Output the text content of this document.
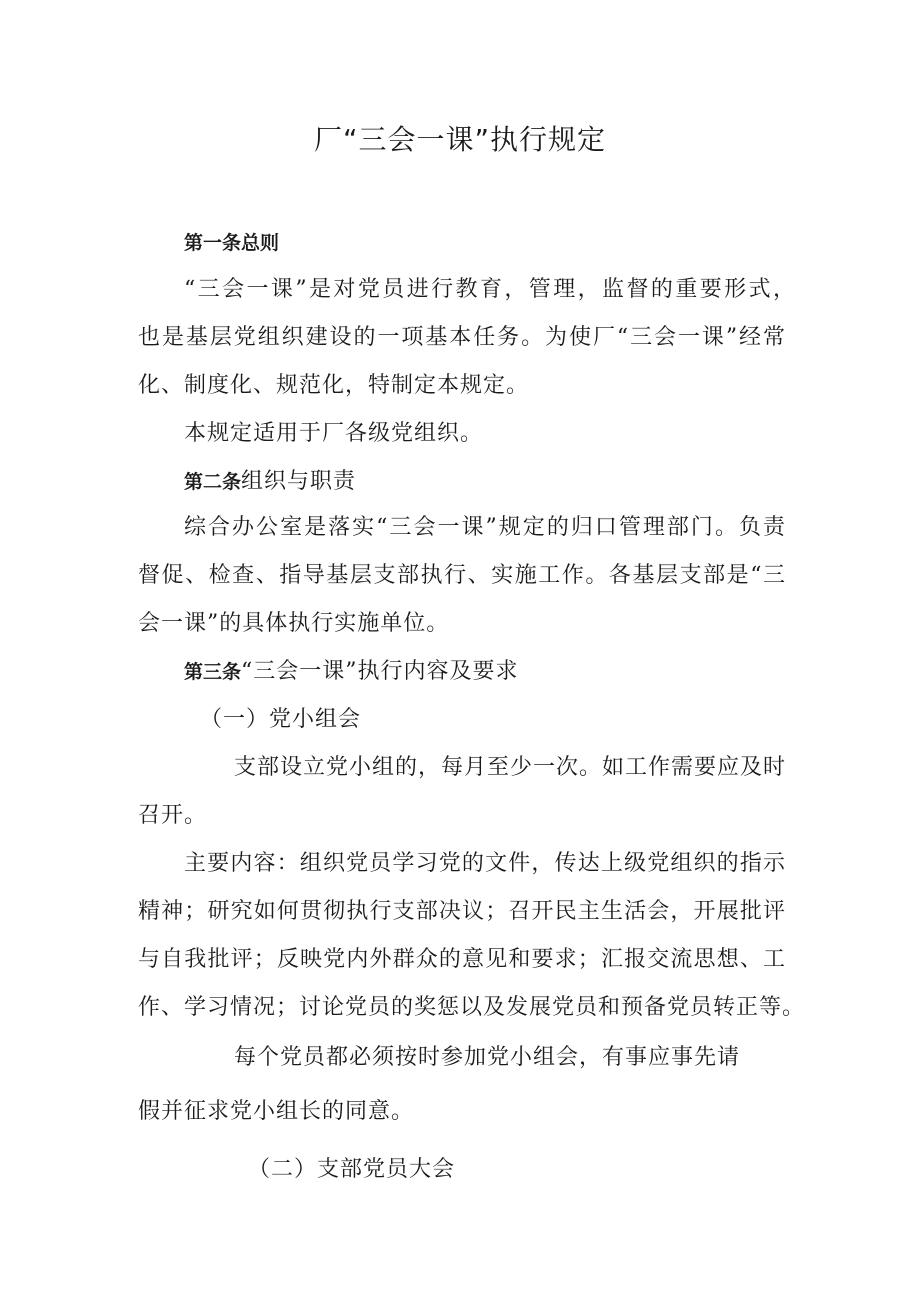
厂“三会一课”执行规定
第一条总则
“三会一课”是对党员进行教育，管理，监督的重要形式，
也是基层党组织建设的一项基本任务。为使厂“三会一课”经常
化、制度化、规范化，特制定本规定。
本规定适用于厂各级党组织。
第二条组织与职责
综合办公室是落实“三会一课”规定的归口管理部门。负责
督促、检查、指导基层支部执行、实施工作。各基层支部是“三
会一课”的具体执行实施单位。
第三条“三会一课”执行内容及要求
（一）党小组会
支部设立党小组的，每月至少一次。如工作需要应及时
召开。
主要内容：组织党员学习党的文件，传达上级党组织的指示
精神；研究如何贯彻执行支部决议；召开民主生活会，开展批评
与自我批评；反映党内外群众的意见和要求；汇报交流思想、工
作、学习情况；讨论党员的奖惩以及发展党员和预备党员转正等。
每个党员都必须按时参加党小组会，有事应事先请
假并征求党小组长的同意。
（二）支部党员大会
